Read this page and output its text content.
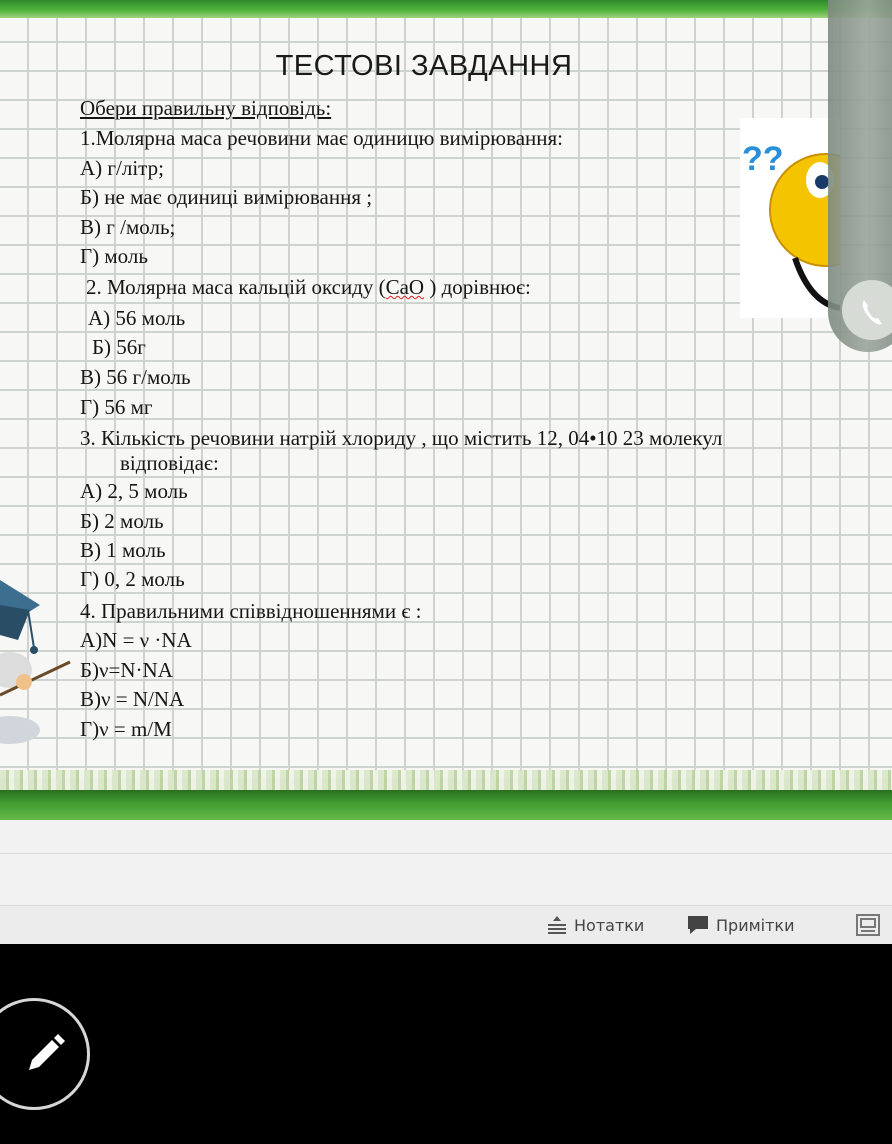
ТЕСТОВІ ЗАВДАННЯ
Обери правильну відповідь:
1.Молярна маса речовини має одиницю вимірювання:
А) г/літр;
Б) не має одиниці вимірювання ;
В) г /моль;
Г) моль
2. Молярна маса кальцій оксиду (CaO ) дорівнює:
А) 56 моль
Б) 56г
В) 56 г/моль
Г) 56 мг
3. Кількість речовини натрій хлориду , що містить 12, 04•10 23 молекул
відповідає:
А) 2, 5 моль
Б) 2 моль
В) 1 моль
Г) 0, 2 моль
4. Правильними співвідношеннями є :
А)N = ν ·NA
Б)ν=N·NA
В)ν = N/NA
Г)ν = m/M
??
Нотатки	Примітки
